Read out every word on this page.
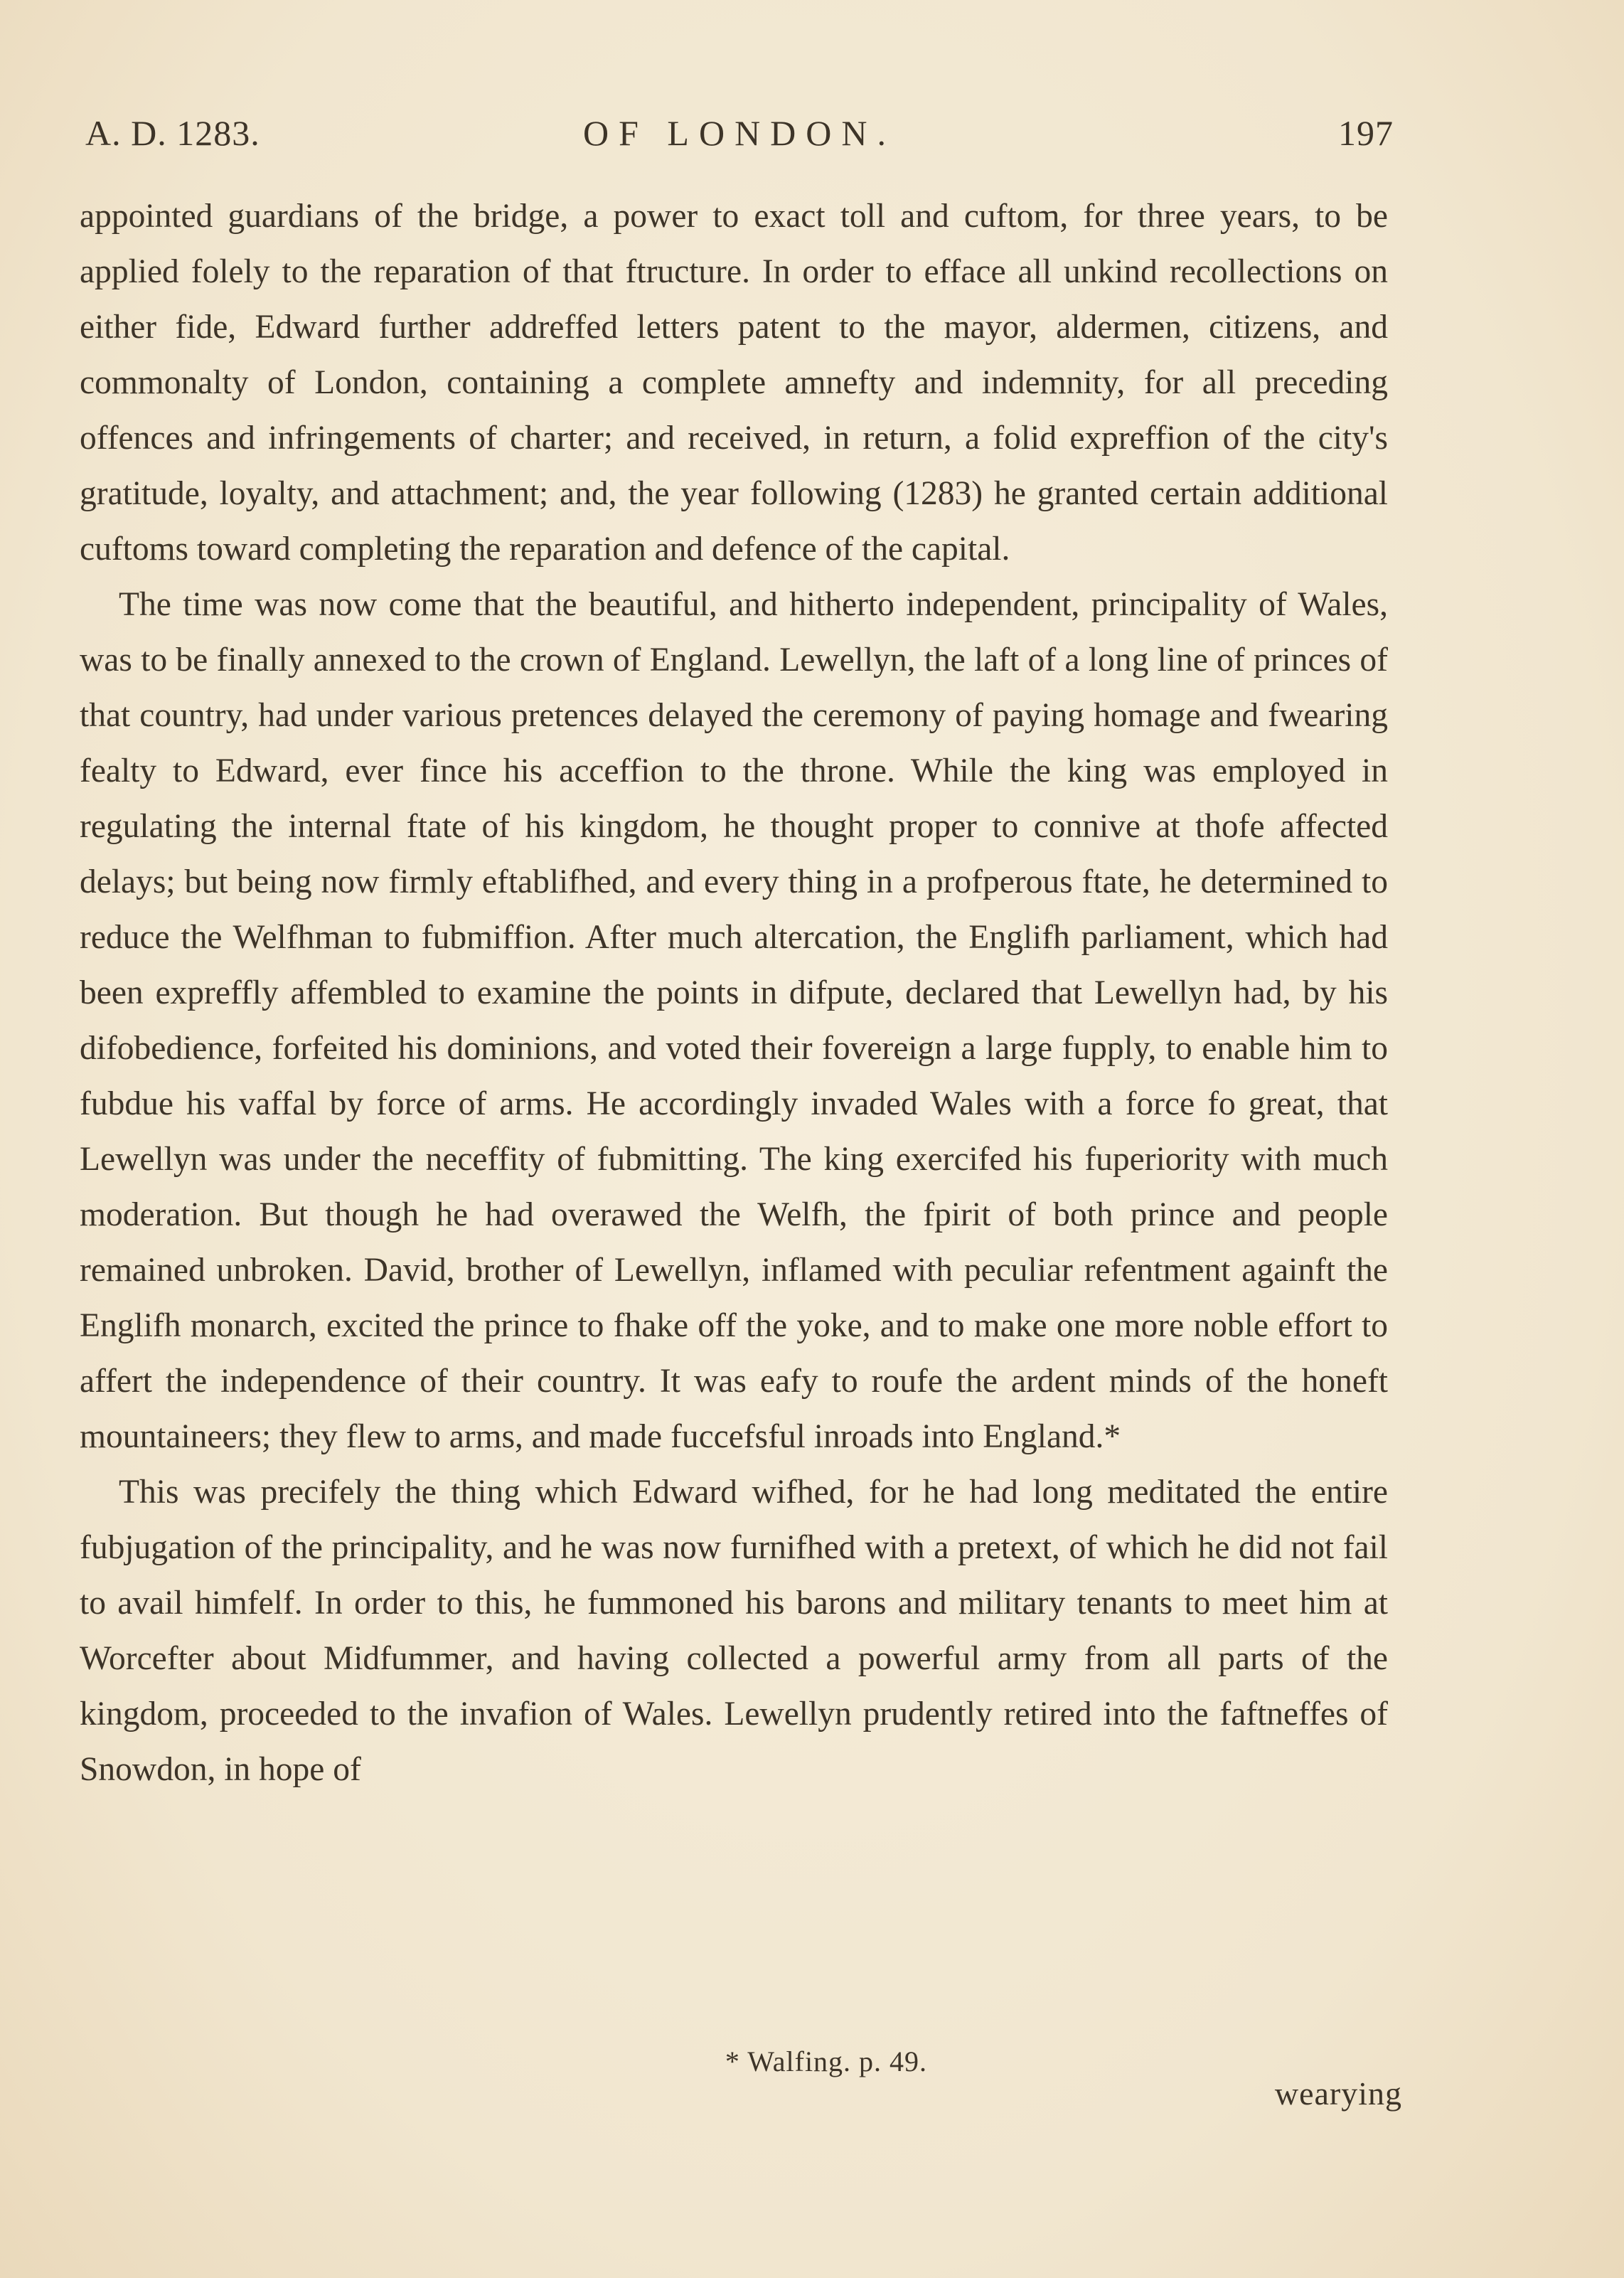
A. D. 1283.	OF LONDON.	197

appointed guardians of the bridge, a power to exact toll and cuftom, for three years, to be applied folely to the reparation of that ftructure. In order to efface all unkind recollections on either fide, Edward further addreffed letters patent to the mayor, aldermen, citizens, and commonalty of London, containing a complete amnefty and indemnity, for all preceding offences and infringements of charter; and received, in return, a folid expreffion of the city's gratitude, loyalty, and attachment; and, the year following (1283) he granted certain additional cuftoms toward completing the reparation and defence of the capital.

The time was now come that the beautiful, and hitherto independent, principality of Wales, was to be finally annexed to the crown of England. Lewellyn, the laft of a long line of princes of that country, had under various pretences delayed the ceremony of paying homage and fwearing fealty to Edward, ever fince his acceffion to the throne. While the king was employed in regulating the internal ftate of his kingdom, he thought proper to connive at thofe affected delays; but being now firmly eftablifhed, and every thing in a profperous ftate, he determined to reduce the Welfhman to fubmiffion. After much altercation, the Englifh parliament, which had been expreffly affembled to examine the points in difpute, declared that Lewellyn had, by his difobedience, forfeited his dominions, and voted their fovereign a large fupply, to enable him to fubdue his vaffal by force of arms. He accordingly invaded Wales with a force fo great, that Lewellyn was under the neceffity of fubmitting. The king exercifed his fuperiority with much moderation. But though he had overawed the Welfh, the fpirit of both prince and people remained unbroken. David, brother of Lewellyn, inflamed with peculiar refentment againft the Englifh monarch, excited the prince to fhake off the yoke, and to make one more noble effort to affert the independence of their country. It was eafy to roufe the ardent minds of the honeft mountaineers; they flew to arms, and made fuccefsful inroads into England.*

This was precifely the thing which Edward wifhed, for he had long meditated the entire fubjugation of the principality, and he was now furnifhed with a pretext, of which he did not fail to avail himfelf. In order to this, he fummoned his barons and military tenants to meet him at Worcefter about Midfummer, and having collected a powerful army from all parts of the kingdom, proceeded to the invafion of Wales. Lewellyn prudently retired into the faftneffes of Snowdon, in hope of

* Walfing. p. 49.
wearying
